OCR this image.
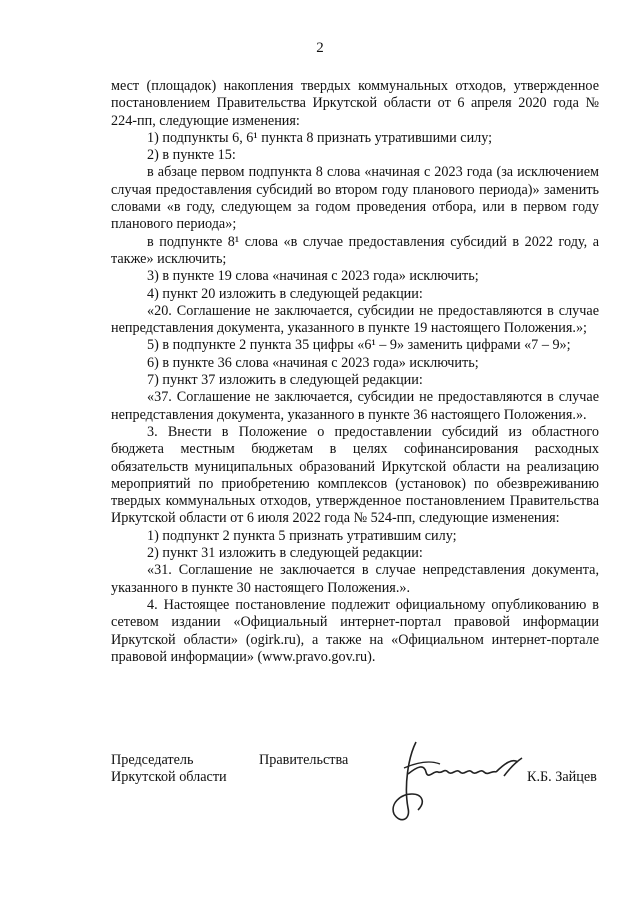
2

мест (площадок) накопления твердых коммунальных отходов, утвержденное постановлением Правительства Иркутской области от 6 апреля 2020 года № 224-пп, следующие изменения:

1) подпункты 6, 6¹ пункта 8 признать утратившими силу;

2) в пункте 15:

в абзаце первом подпункта 8 слова «начиная с 2023 года (за исключением случая предоставления субсидий во втором году планового периода)» заменить словами «в году, следующем за годом проведения отбора, или в первом году планового периода»;

в подпункте 8¹ слова «в случае предоставления субсидий в 2022 году, а также» исключить;

3) в пункте 19 слова «начиная с 2023 года» исключить;

4) пункт 20 изложить в следующей редакции:

«20. Соглашение не заключается, субсидии не предоставляются в случае непредставления документа, указанного в пункте 19 настоящего Положения.»;

5) в подпункте 2 пункта 35 цифры «6¹ – 9» заменить цифрами «7 – 9»;

6) в пункте 36 слова «начиная с 2023 года» исключить;

7) пункт 37 изложить в следующей редакции:

«37. Соглашение не заключается, субсидии не предоставляются в случае непредставления документа, указанного в пункте 36 настоящего Положения.».

3. Внести в Положение о предоставлении субсидий из областного бюджета местным бюджетам в целях софинансирования расходных обязательств муниципальных образований Иркутской области на реализацию мероприятий по приобретению комплексов (установок) по обезвреживанию твердых коммунальных отходов, утвержденное постановлением Правительства Иркутской области от 6 июля 2022 года № 524-пп, следующие изменения:

1) подпункт 2 пункта 5 признать утратившим силу;

2) пункт 31 изложить в следующей редакции:

«31. Соглашение не заключается в случае непредставления документа, указанного в пункте 30 настоящего Положения.».

4. Настоящее постановление подлежит официальному опубликованию в сетевом издании «Официальный интернет-портал правовой информации Иркутской области» (ogirk.ru), а также на «Официальном интернет-портале правовой информации» (www.pravo.gov.ru).

Председатель
Иркутской области
Правительства
К.Б. Зайцев
